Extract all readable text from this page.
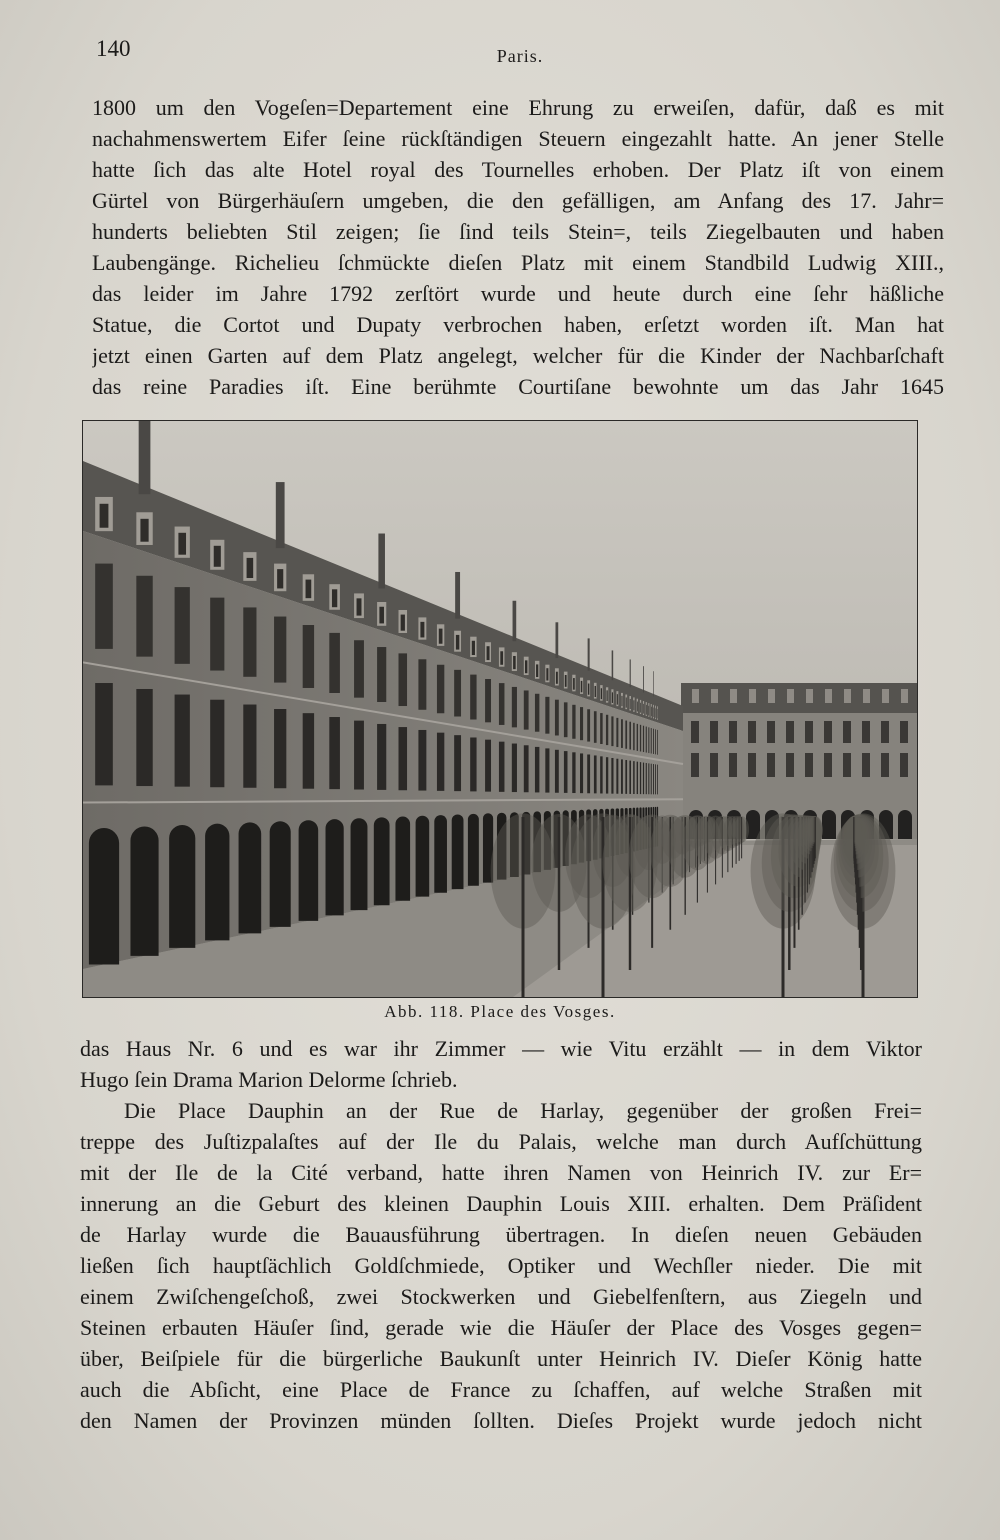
140	Paris.
1800 um den Vogeſen=Departement eine Ehrung zu erweiſen, dafür, daß es mit
nachahmenswertem Eifer ſeine rückſtändigen Steuern eingezahlt hatte. An jener Stelle
hatte ſich das alte Hotel royal des Tournelles erhoben. Der Platz iſt von einem
Gürtel von Bürgerhäuſern umgeben, die den gefälligen, am Anfang des 17. Jahr=
hunderts beliebten Stil zeigen; ſie ſind teils Stein=, teils Ziegelbauten und haben
Laubengänge. Richelieu ſchmückte dieſen Platz mit einem Standbild Ludwig XIII.,
das leider im Jahre 1792 zerſtört wurde und heute durch eine ſehr häßliche
Statue, die Cortot und Dupaty verbrochen haben, erſetzt worden iſt. Man hat
jetzt einen Garten auf dem Platz angelegt, welcher für die Kinder der Nachbarſchaft
das reine Paradies iſt. Eine berühmte Courtiſane bewohnte um das Jahr 1645
Abb. 118. Place des Vosges.
das Haus Nr. 6 und es war ihr Zimmer — wie Vitu erzählt — in dem Viktor
Hugo ſein Drama Marion Delorme ſchrieb.
Die Place Dauphin an der Rue de Harlay, gegenüber der großen Frei=
treppe des Juſtizpalaſtes auf der Ile du Palais, welche man durch Aufſchüttung
mit der Ile de la Cité verband, hatte ihren Namen von Heinrich IV. zur Er=
innerung an die Geburt des kleinen Dauphin Louis XIII. erhalten. Dem Präſident
de Harlay wurde die Bauausführung übertragen. In dieſen neuen Gebäuden
ließen ſich hauptſächlich Goldſchmiede, Optiker und Wechſler nieder. Die mit
einem Zwiſchengeſchoß, zwei Stockwerken und Giebelfenſtern, aus Ziegeln und
Steinen erbauten Häuſer ſind, gerade wie die Häuſer der Place des Vosges gegen=
über, Beiſpiele für die bürgerliche Baukunſt unter Heinrich IV. Dieſer König hatte
auch die Abſicht, eine Place de France zu ſchaffen, auf welche Straßen mit
den Namen der Provinzen münden ſollten. Dieſes Projekt wurde jedoch nicht
